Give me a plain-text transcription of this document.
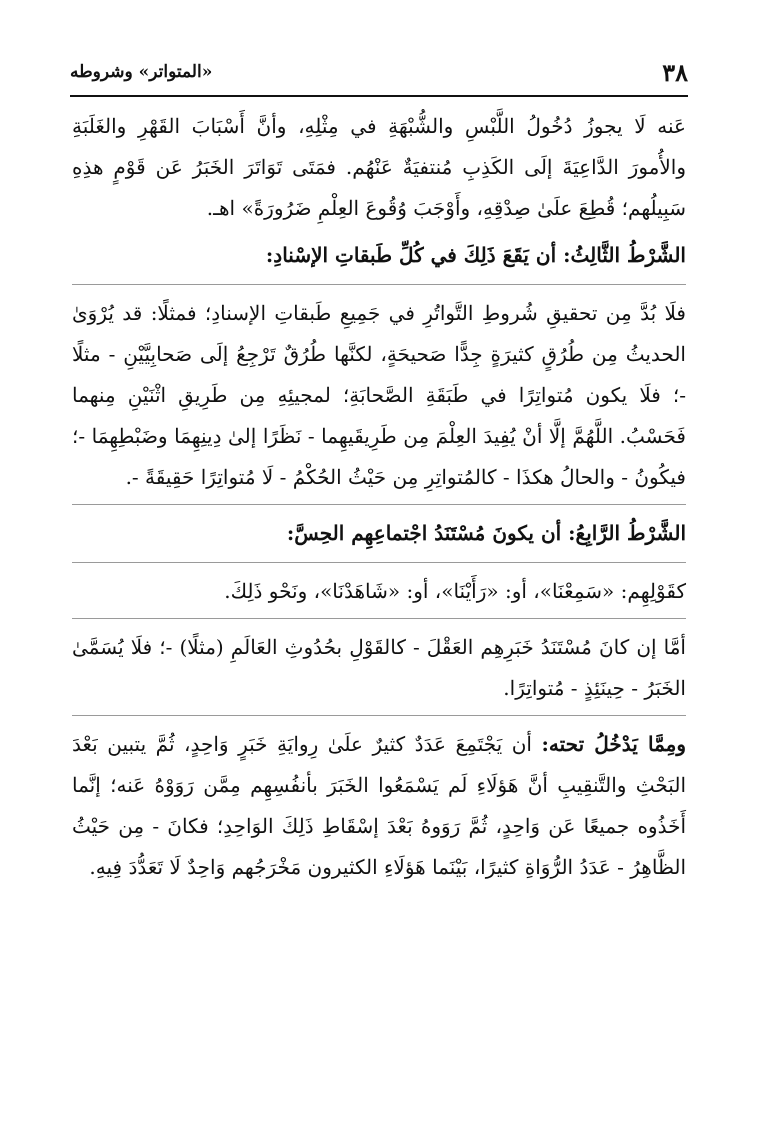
٣٨
«المتواتر» وشروطه

عَنه لَا يجوزُ دُخُولُ اللَّبْسِ والشُّبْهَةِ في مِثْلِهِ، وأنَّ أَسْبَابَ القَهْرِ والغَلَبَةِ والأُمورَ الدَّاعِيَةَ إلَى الكَذِبِ مُنتفيَةٌ عَنْهُم. فمَتَى تَوَاتَرَ الخَبَرُ عَن قَوْمٍ هذِهِ سَبِيلُهم؛ قُطِعَ علَىٰ صِدْقِهِ، وأَوْجَبَ وُقُوعَ العِلْمِ ضَرُورَةً» اهـ.

الشَّرْطُ الثَّالِثُ: أن يَقَعَ ذَلِكَ في كُلِّ طَبقاتِ الإسْنادِ:

فلَا بُدَّ مِن تحقيقِ شُروطِ التَّواتُرِ في جَمِيعِ طَبقاتِ الإسنادِ؛ فمثلًا: قد يُرْوَىٰ الحديثُ مِن طُرُقٍ كثيرَةٍ جِدًّا صَحيحَةٍ، لكنَّها طُرُقٌ تَرْجِعُ إلَى صَحابِيَّيْنِ - مثلًا -؛ فلَا يكون مُتواتِرًا في طَبَقَةِ الصَّحابَةِ؛ لمجيئِهِ مِن طَرِيقِ اثْنَيْنِ مِنهما فَحَسْبُ. اللَّهُمَّ إلَّا أنْ يُفِيدَ العِلْمَ مِن طَرِيقَيهِما - نَظَرًا إلىٰ دِينِهِمَا وضَبْطِهِمَا -؛ فيكُونُ - والحالُ هكذَا - كالمُتواتِرِ مِن حَيْثُ الحُكْمُ - لَا مُتواتِرًا حَقِيقَةً -.

الشَّرْطُ الرَّابِعُ: أن يكونَ مُسْتَنَدُ اجْتماعِهِم الحِسَّ:

كقَوْلِهِم: «سَمِعْنَا»، أو: «رَأَيْنَا»، أو: «شَاهَدْنَا»، ونَحْو ذَلِكَ.

أمَّا إن كانَ مُسْتَنَدُ خَبَرِهِم العَقْلَ - كالقَوْلِ بحُدُوثِ العَالَمِ (مثلًا) -؛ فلَا يُسَمَّىٰ الخَبَرُ - حِينَئِذٍ - مُتواتِرًا.

ومِمَّا يَدْخُلُ تحته: أن يَجْتَمِعَ عَدَدٌ كثيرٌ علَىٰ رِوايَةِ خَبَرٍ وَاحِدٍ، ثُمَّ يتبين بَعْدَ البَحْثِ والتَّنقِيبِ أنَّ هَؤلَاءِ لَم يَسْمَعُوا الخَبَرَ بأنفُسِهِم مِمَّن رَوَوْهُ عَنه؛ إنَّما أَخَذُوه جميعًا عَن وَاحِدٍ، ثُمَّ رَوَوهُ بَعْدَ إسْقَاطِ ذَلِكَ الوَاحِدِ؛ فكانَ - مِن حَيْثُ الظَّاهِرُ - عَدَدُ الرُّوَاةِ كثيرًا، بَيْنَما هَؤلَاءِ الكثيرون مَخْرَجُهم وَاحِدٌ لَا تَعَدُّدَ فِيهِ.
